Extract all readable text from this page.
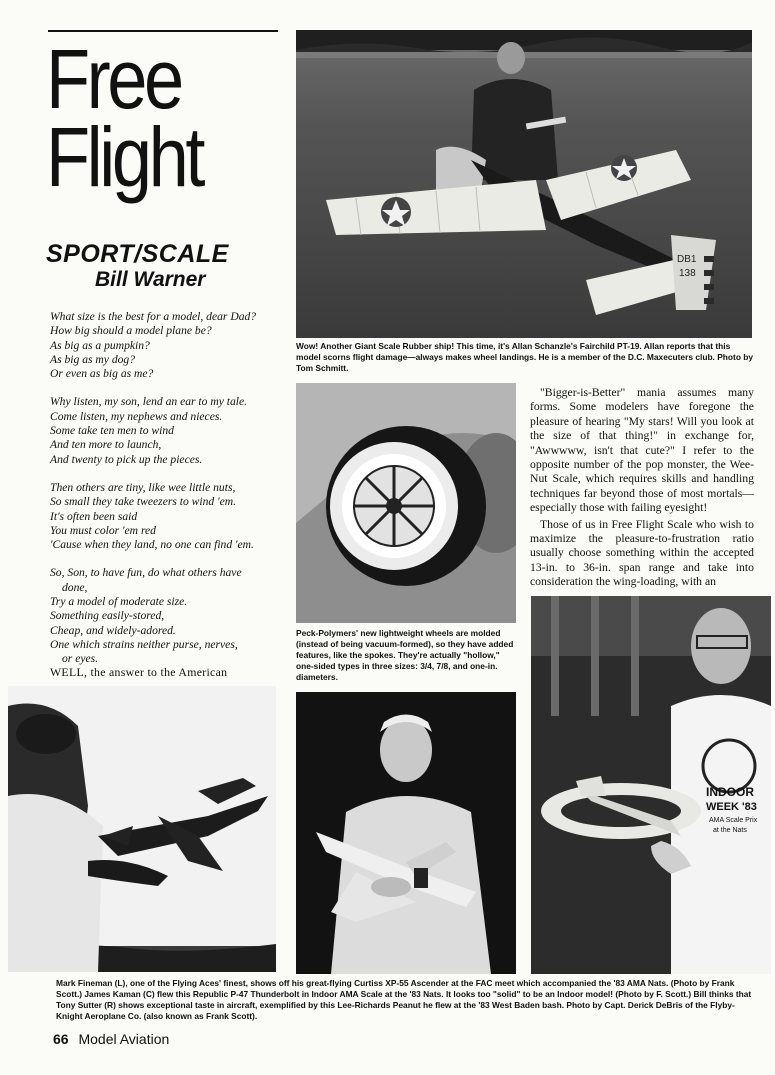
Free
Flight
SPORT/SCALE
Bill Warner
What size is the best for a model, dear Dad?
How big should a model plane be?
As big as a pumpkin?
As big as my dog?
Or even as big as me?
Why listen, my son, lend an ear to my tale.
Come listen, my nephews and nieces.
Some take ten men to wind
And ten more to launch,
And twenty to pick up the pieces.
Then others are tiny, like wee little nuts,
So small they take tweezers to wind 'em.
It's often been said
You must color 'em red
'Cause when they land, no one can find 'em.
So, Son, to have fun, do what others have
done,
Try a model of moderate size.
Something easily-stored,
Cheap, and widely-adored.
One which strains neither purse, nerves,
or eyes.
WELL, the answer to the American
DB1
138
Wow! Another Giant Scale Rubber ship! This time, it's Allan Schanzle's Fairchild PT-19. Allan reports that this model scorns flight damage—always makes wheel landings. He is a member of the D.C. Maxecuters club. Photo by Tom Schmitt.
Peck-Polymers' new lightweight wheels are molded (instead of being vacuum-formed), so they have added features, like the spokes. They're actually "hollow," one-sided types in three sizes: 3/4, 7/8, and one-in. diameters.

"Bigger-is-Better" mania assumes many forms. Some modelers have foregone the pleasure of hearing "My stars! Will you look at the size of that thing!" in exchange for, "Awwwww, isn't that cute?" I refer to the opposite number of the pop monster, the Wee-Nut Scale, which requires skills and handling techniques far beyond those of most mortals—especially those with failing eyesight!

Those of us in Free Flight Scale who wish to maximize the pleasure-to-frustration ratio usually choose something within the accepted 13-in. to 36-in. span range and take into consideration the wing-loading, with an

INDOOR
WEEK '83
AMA Scale Prix
at the Nats
Mark Fineman (L), one of the Flying Aces' finest, shows off his great-flying Curtiss XP-55 Ascender at the FAC meet which accompanied the '83 AMA Nats. (Photo by Frank Scott.) James Kaman (C) flew this Republic P-47 Thunderbolt in Indoor AMA Scale at the '83 Nats. It looks too "solid" to be an Indoor model! (Photo by F. Scott.) Bill thinks that Tony Sutter (R) shows exceptional taste in aircraft, exemplified by this Lee-Richards Peanut he flew at the '83 West Baden bash. Photo by Capt. Derick DeBris of the Flyby-Knight Aeroplane Co. (also known as Frank Scott).
66 Model Aviation
